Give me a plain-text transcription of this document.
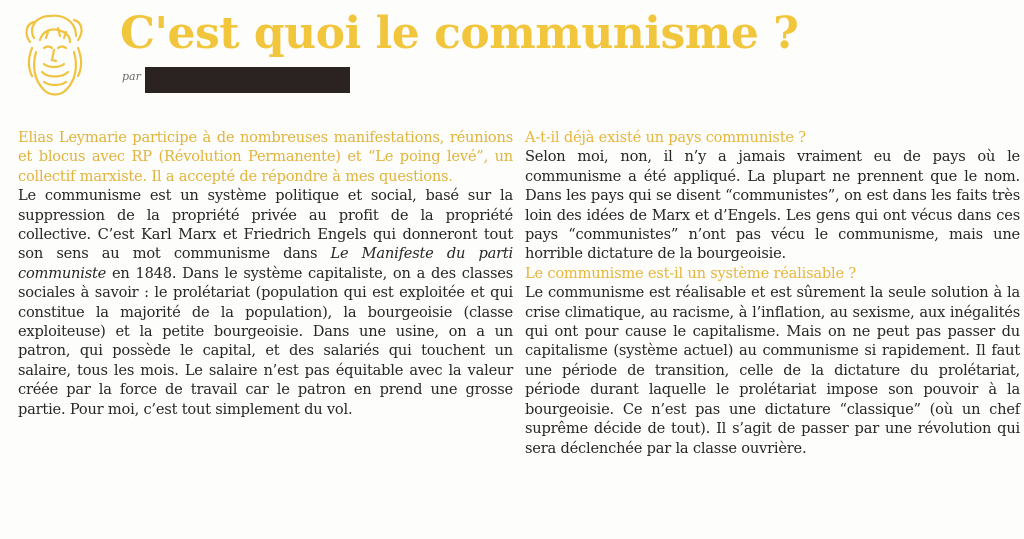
C'est quoi le communisme ?
par

Elias Leymarie participe à de nombreuses manifestations, réunions et blocus avec RP (Révolution Permanente) et “Le poing levé”, un collectif marxiste. Il a accepté de répondre à mes questions.

Le communisme est un système politique et social, basé sur la suppression de la propriété privée au profit de la propriété collective. C’est Karl Marx et Friedrich Engels qui donneront tout son sens au mot communisme dans Le Manifeste du parti communiste en 1848. Dans le système capitaliste, on a des classes sociales à savoir : le prolétariat (population qui est exploitée et qui constitue la majorité de la population), la bourgeoisie (classe exploiteuse) et la petite bourgeoisie. Dans une usine, on a un patron, qui possède le capital, et des salariés qui touchent un salaire, tous les mois. Le salaire n’est pas équitable avec la valeur créée par la force de travail car le patron en prend une grosse partie. Pour moi, c’est tout simplement du vol.

A-t-il déjà existé un pays communiste ?

Selon moi, non, il n’y a jamais vraiment eu de pays où le communisme a été appliqué. La plupart ne prennent que le nom. Dans les pays qui se disent “communistes”, on est dans les faits très loin des idées de Marx et d’Engels. Les gens qui ont vécus dans ces pays “communistes” n’ont pas vécu le communisme, mais une horrible dictature de la bourgeoisie.

Le communisme est-il un système réalisable ?

Le communisme est réalisable et est sûrement la seule solution à la crise climatique, au racisme, à l’inflation, au sexisme, aux inégalités qui ont pour cause le capitalisme. Mais on ne peut pas passer du capitalisme (système actuel) au communisme si rapidement. Il faut une période de transition, celle de la dictature du prolétariat, période durant laquelle le prolétariat impose son pouvoir à la bourgeoisie. Ce n’est pas une dictature “classique” (où un chef suprême décide de tout). Il s’agit de passer par une révolution qui sera déclenchée par la classe ouvrière.
